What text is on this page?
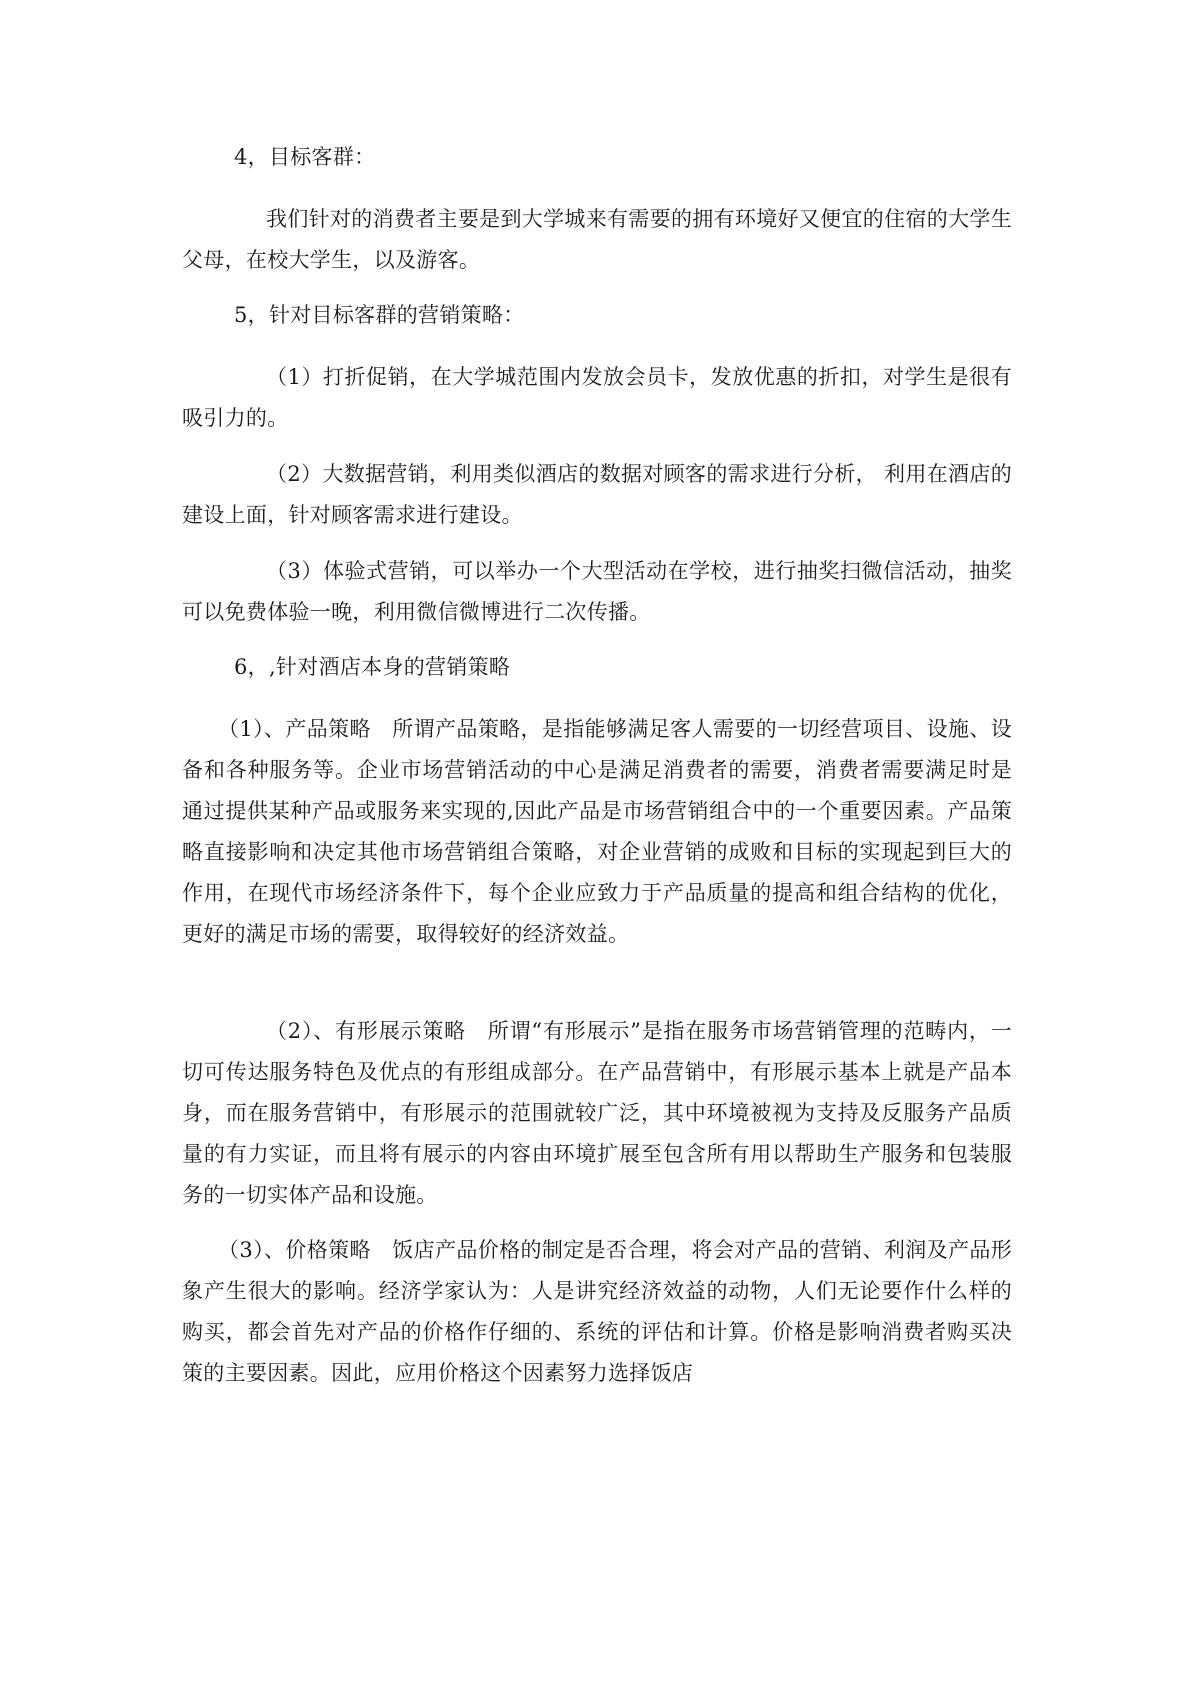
4，目标客群：

我们针对的消费者主要是到大学城来有需要的拥有环境好又便宜的住宿的大学生父母，在校大学生，以及游客。

5，针对目标客群的营销策略：

（1）打折促销，在大学城范围内发放会员卡，发放优惠的折扣，对学生是很有吸引力的。

（2）大数据营销，利用类似酒店的数据对顾客的需求进行分析， 利用在酒店的建设上面，针对顾客需求进行建设。

（3）体验式营销，可以举办一个大型活动在学校，进行抽奖扫微信活动，抽奖可以免费体验一晚，利用微信微博进行二次传播。

6，,针对酒店本身的营销策略

（1）、产品策略　所谓产品策略，是指能够满足客人需要的一切经营项目、设施、设备和各种服务等。企业市场营销活动的中心是满足消费者的需要，消费者需要满足时是通过提供某种产品或服务来实现的,因此产品是市场营销组合中的一个重要因素。产品策略直接影响和决定其他市场营销组合策略，对企业营销的成败和目标的实现起到巨大的作用，在现代市场经济条件下，每个企业应致力于产品质量的提高和组合结构的优化，更好的满足市场的需要，取得较好的经济效益。

（2）、有形展示策略　所谓“有形展示”是指在服务市场营销管理的范畴内，一切可传达服务特色及优点的有形组成部分。在产品营销中，有形展示基本上就是产品本身，而在服务营销中，有形展示的范围就较广泛，其中环境被视为支持及反服务产品质量的有力实证，而且将有展示的内容由环境扩展至包含所有用以帮助生产服务和包装服务的一切实体产品和设施。

（3）、价格策略　饭店产品价格的制定是否合理，将会对产品的营销、利润及产品形象产生很大的影响。经济学家认为：人是讲究经济效益的动物，人们无论要作什么样的购买，都会首先对产品的价格作仔细的、系统的评估和计算。价格是影响消费者购买决策的主要因素。因此，应用价格这个因素努力选择饭店
